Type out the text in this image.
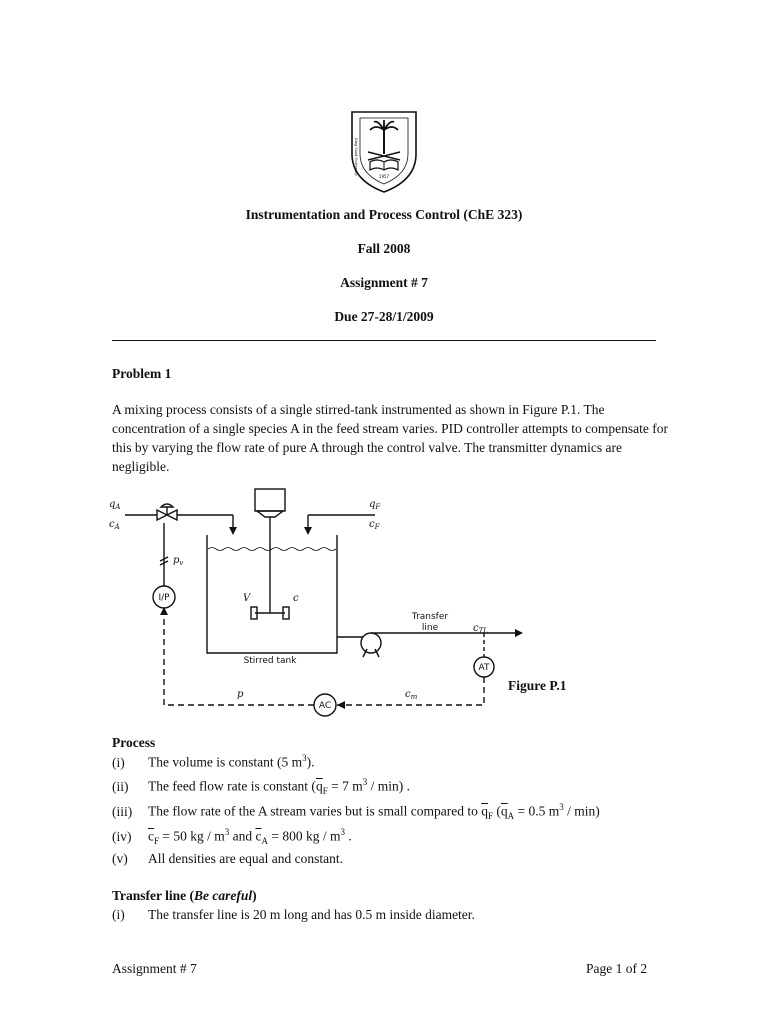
1957
King Saud University
Instrumentation and Process Control (ChE 323)
Fall 2008
Assignment # 7
Due 27-28/1/2009
Problem 1
A mixing process consists of a single stirred-tank instrumented as shown in Figure P.1. The concentration of a single species A in the feed stream varies. PID controller attempts to compensate for this by varying the flow rate of pure A through the control valve. The transmitter dynamics are negligible.
$q_A$
$c_A$
$q_F$
$c_F$
$p_v$
V	c
$c_{TL}$
p	$c_m$
I/P
AT
AC
Transfer
line
Stirred tank
Figure P.1
Process
(i) The volume is constant (5 $m^3$).
(ii) The feed flow rate is constant ($\overline{q}_F = 7$ $m^3 / \min$) .
(iii) The flow rate of the A stream varies but is small compared to $\overline{q}_F$ ($\overline{q}_A = 0.5$ $m^3 / \min$)
(iv) $\overline{c}_F = 50$ kg / $m^3$ and $\overline{c}_A = 800$ kg / $m^3$ .
(v) All densities are equal and constant.
Transfer line (Be careful)
(i) The transfer line is 20 m long and has 0.5 m inside diameter.
Assignment # 7	Page 1 of 2
